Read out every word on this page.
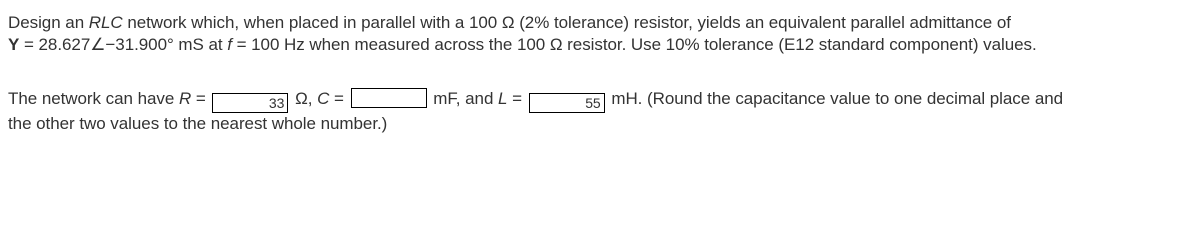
Design an RLC network which, when placed in parallel with a 100 Ω (2% tolerance) resistor, yields an equivalent parallel admittance of
Y = 28.627∠−31.900° mS at f = 100 Hz when measured across the 100 Ω resistor. Use 10% tolerance (E12 standard component) values.
The network can have R =	33 Ω, C =	mF, and L =	55 mH. (Round the capacitance value to one decimal place and
the other two values to the nearest whole number.)
